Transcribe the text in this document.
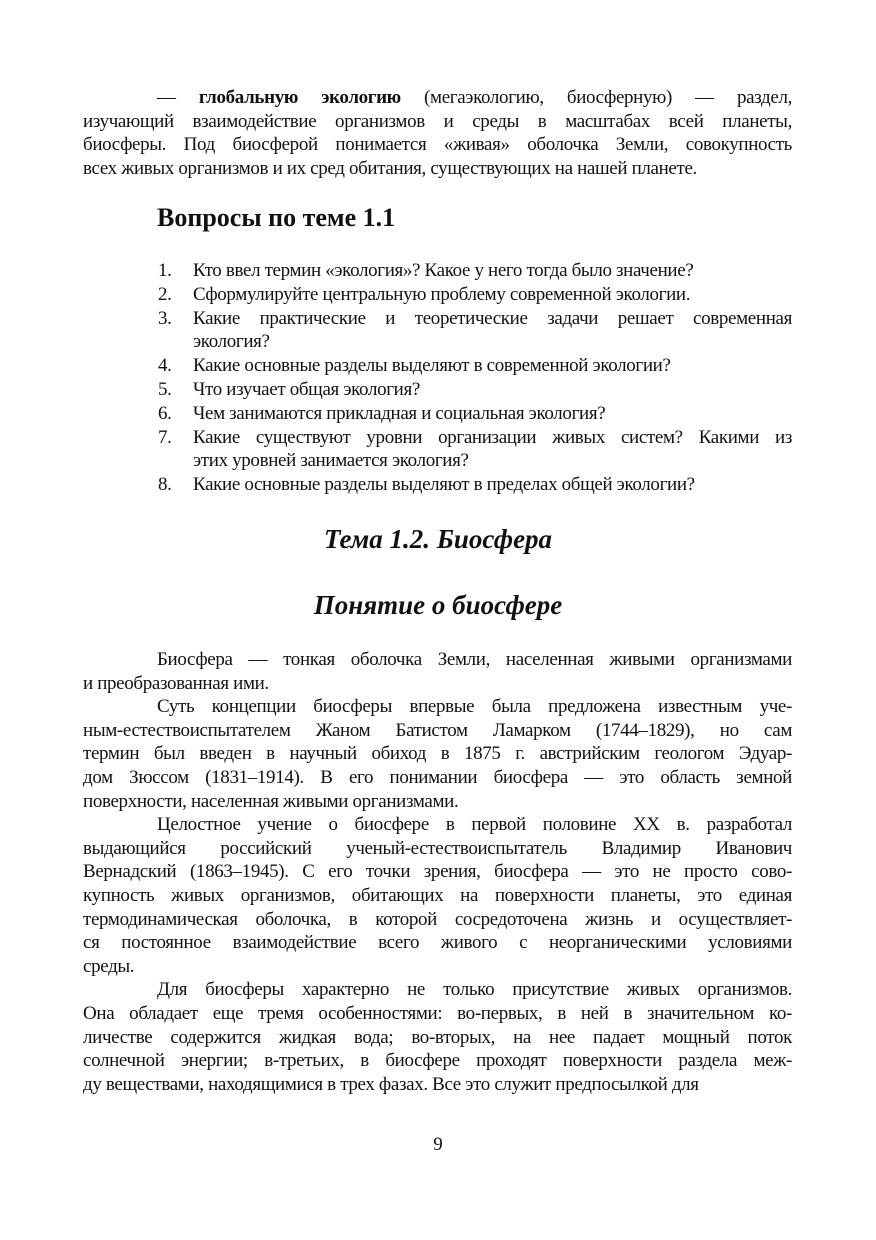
— глобальную экологию (мегаэкологию, биосферную) — раздел,
изучающий взаимодействие организмов и среды в масштабах всей планеты,
биосферы. Под биосферой понимается «живая» оболочка Земли, совокупность
всех живых организмов и их сред обитания, существующих на нашей планете.
Вопросы по теме 1.1
1. Кто ввел термин «экология»? Какое у него тогда было значение?
2. Сформулируйте центральную проблему современной экологии.
3. Какие практические и теоретические задачи решает современная
экология?
4. Какие основные разделы выделяют в современной экологии?
5. Что изучает общая экология?
6. Чем занимаются прикладная и социальная экология?
7. Какие существуют уровни организации живых систем? Какими из
этих уровней занимается экология?
8. Какие основные разделы выделяют в пределах общей экологии?
Тема 1.2. Биосфера
Понятие о биосфере
Биосфера — тонкая оболочка Земли, населенная живыми организмами
и преобразованная ими.
Суть концепции биосферы впервые была предложена известным уче-
ным-естествоиспытателем Жаном Батистом Ламарком (1744–1829), но сам
термин был введен в научный обиход в 1875 г. австрийским геологом Эдуар-
дом Зюссом (1831–1914). В его понимании биосфера — это область земной
поверхности, населенная живыми организмами.
Целостное учение о биосфере в первой половине XX в. разработал
выдающийся российский ученый-естествоиспытатель Владимир Иванович
Вернадский (1863–1945). С его точки зрения, биосфера — это не просто сово-
купность живых организмов, обитающих на поверхности планеты, это единая
термодинамическая оболочка, в которой сосредоточена жизнь и осуществляет-
ся постоянное взаимодействие всего живого с неорганическими условиями
среды.
Для биосферы характерно не только присутствие живых организмов.
Она обладает еще тремя особенностями: во-первых, в ней в значительном ко-
личестве содержится жидкая вода; во-вторых, на нее падает мощный поток
солнечной энергии; в-третьих, в биосфере проходят поверхности раздела меж-
ду веществами, находящимися в трех фазах. Все это служит предпосылкой для
9
